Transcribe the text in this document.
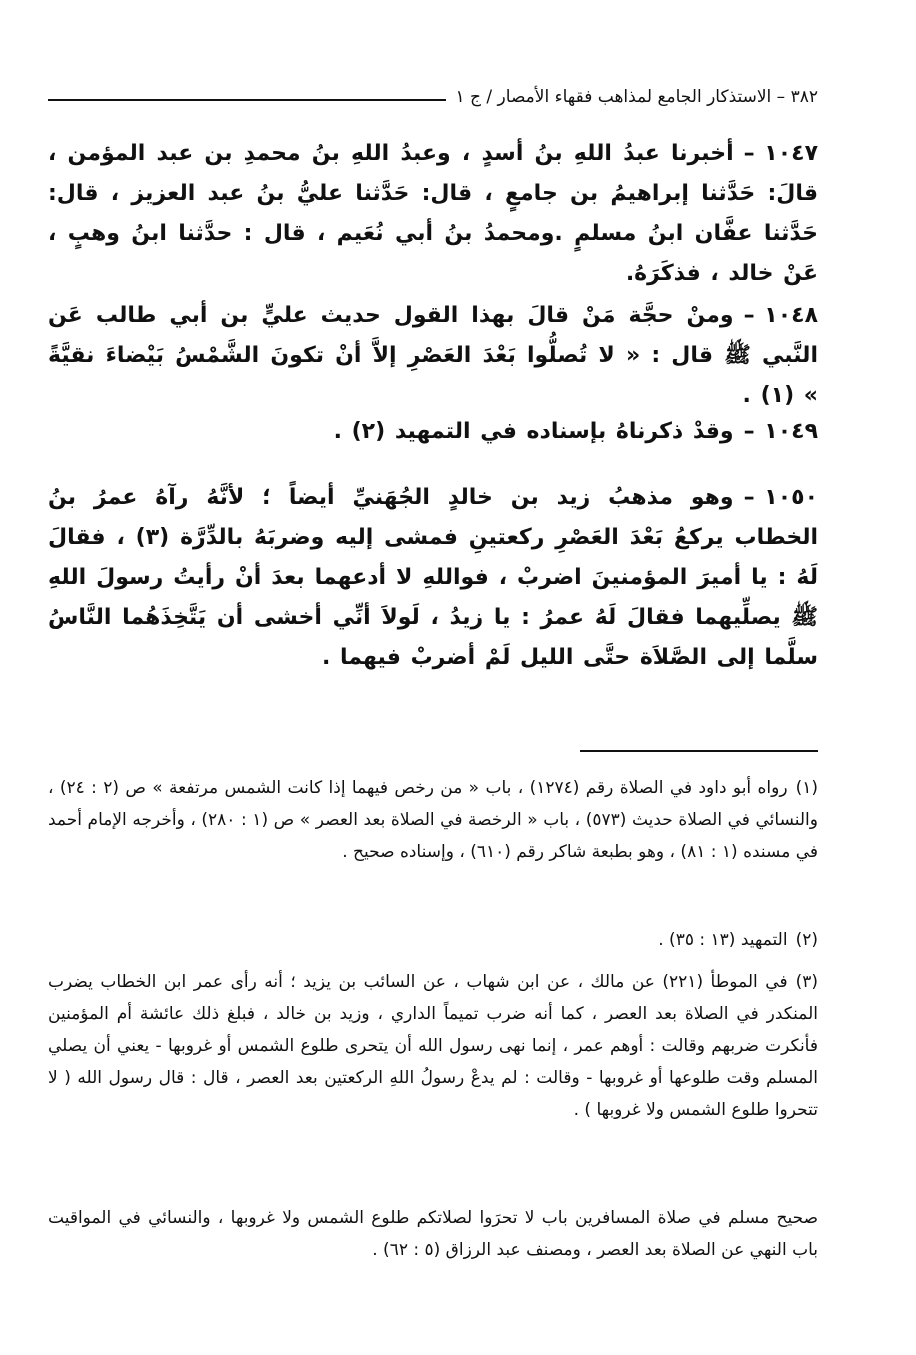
٣٨٢ – الاستذكار الجامع لمذاهب فقهاء الأمصار / ج ١
١٠٤٧ –أخبرنا عبدُ اللهِ بنُ أسدٍ ، وعبدُ اللهِ بنُ محمدِ بن عبد المؤمن ، قالَ: حَدَّثنا إبراهيمُ بن جامعٍ ، قال: حَدَّثنا عليُّ بنُ عبد العزيز ، قال: حَدَّثنا عفَّان ابنُ مسلمٍ .ومحمدُ بنُ أبي نُعَيم ، قال : حدَّثنا ابنُ وهبٍ ، عَنْ خالد ، فذكَرَهُ.
١٠٤٨ –ومنْ حجَّة مَنْ قالَ بهذا القول حديث عليٍّ بن أبي طالب عَن النَّبي ﷺ قال : « لا تُصلُّوا بَعْدَ العَصْرِ إلاَّ أنْ تكونَ الشَّمْسُ بَيْضاءَ نقيَّةً » (١) .
١٠٤٩ –وقدْ ذكرناهُ بإسناده في التمهيد (٢) .
١٠٥٠ –وهو مذهبُ زيد بن خالدٍ الجُهَنيِّ أيضاً ؛ لأنَّهُ رآهُ عمرُ بنُ الخطاب يركعُ بَعْدَ العَصْرِ ركعتينِ فمشى إليه وضربَهُ بالدِّرَّة (٣) ، فقالَ لَهُ : يا أميرَ المؤمنينَ اضربْ ، فواللهِ لا أدعهما بعدَ أنْ رأيتُ رسولَ اللهِ ﷺ يصلِّيهما فقالَ لَهُ عمرُ : يا زيدُ ، لَولاَ أنِّي أخشى أن يَتَّخِذَهُما النَّاسُ سلَّما إلى الصَّلاَة حتَّى الليل لَمْ أضربْ فيهما .
(١)رواه أبو داود في الصلاة رقم (١٢٧٤) ، باب « من رخص فيهما إذا كانت الشمس مرتفعة » ص (٢ : ٢٤) ، والنسائي في الصلاة حديث (٥٧٣) ، باب « الرخصة في الصلاة بعد العصر » ص (١ : ٢٨٠) ، وأخرجه الإمام أحمد في مسنده (١ : ٨١) ، وهو بطبعة شاكر رقم (٦١٠) ، وإسناده صحيح .
(٢)التمهيد (١٣ : ٣٥) .
(٣)في الموطأ (٢٢١) عن مالك ، عن ابن شهاب ، عن السائب بن يزيد ؛ أنه رأى عمر ابن الخطاب يضرب المنكدر في الصلاة بعد العصر ، كما أنه ضرب تميماً الداري ، وزيد بن خالد ، فبلغ ذلك عائشة أم المؤمنين فأنكرت ضربهم وقالت : أوهم عمر ، إنما نهى رسول الله أن يتحرى طلوع الشمس أو غروبها - يعني أن يصلي المسلم وقت طلوعها أو غروبها - وقالت : لم يدعْ رسولُ اللهِ الركعتين بعد العصر ، قال : قال رسول الله ( لا تتحروا طلوع الشمس ولا غروبها ) .
صحيح مسلم في صلاة المسافرين باب لا تحرَوا لصلاتكم طلوع الشمس ولا غروبها ، والنسائي في المواقيت باب النهي عن الصلاة بعد العصر ، ومصنف عبد الرزاق (٥ : ٦٢) .
